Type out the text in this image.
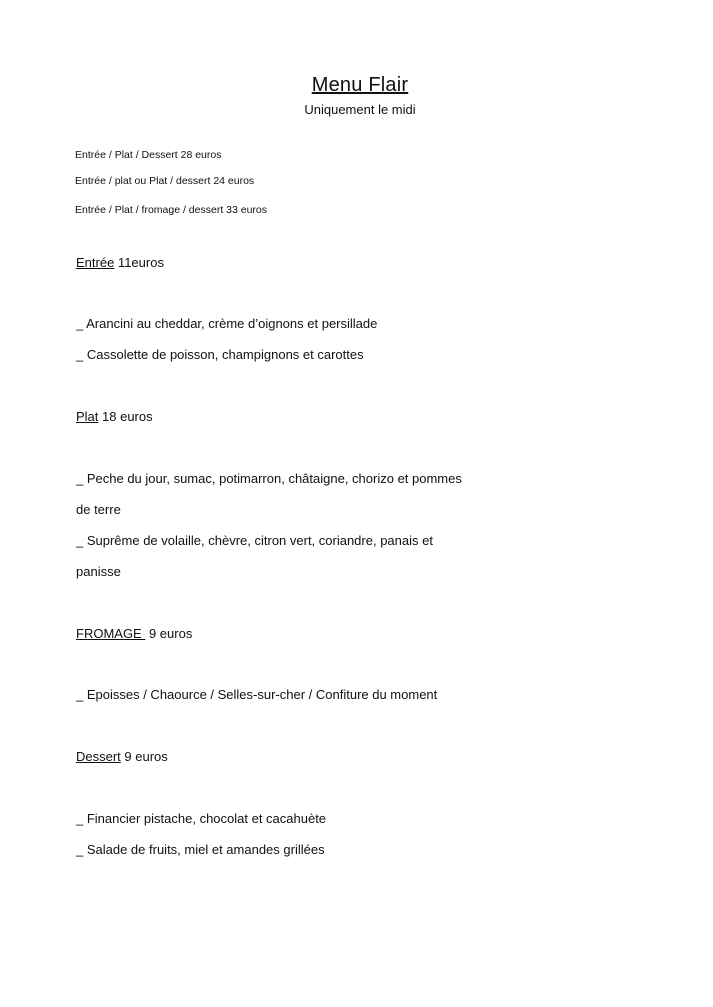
Menu Flair
Uniquement le midi
Entrée / Plat / Dessert 28 euros
Entrée / plat ou Plat / dessert 24 euros
Entrée / Plat / fromage / dessert 33 euros
Entrée 11euros
_ Arancini au cheddar, crème d’oignons et persillade
_ Cassolette de poisson, champignons et carottes
Plat 18 euros
_ Peche du jour, sumac, potimarron, châtaigne, chorizo et pommes
de terre
_ Suprême de volaille, chèvre, citron vert, coriandre, panais et
panisse
FROMAGE  9 euros
_ Epoisses / Chaource / Selles-sur-cher / Confiture du moment
Dessert 9 euros
_ Financier pistache, chocolat et cacahuète
_ Salade de fruits, miel et amandes grillées
